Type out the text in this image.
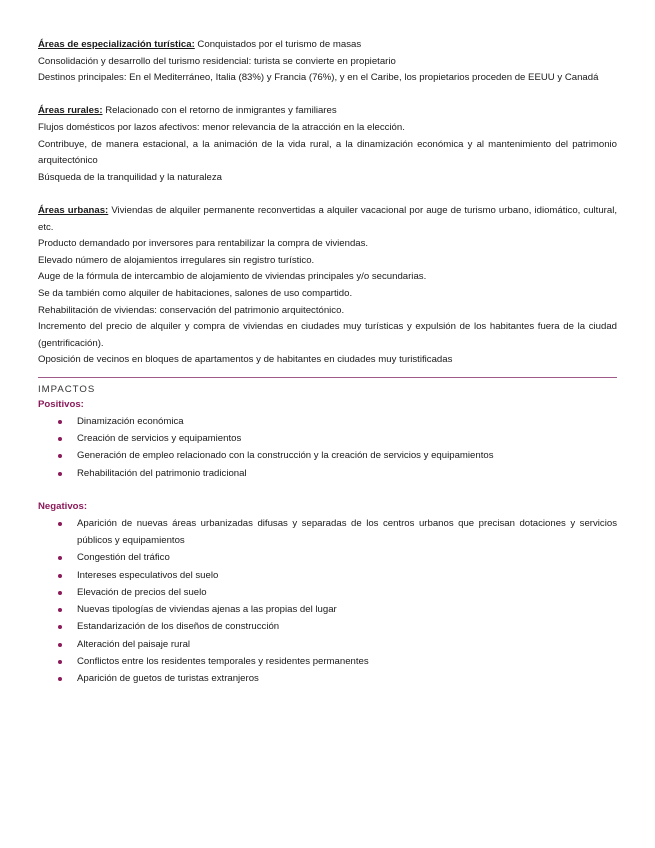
Áreas de especialización turística: Conquistados por el turismo de masas

Consolidación y desarrollo del turismo residencial: turista se convierte en propietario

Destinos principales: En el Mediterráneo, Italia (83%) y Francia (76%), y en el Caribe, los propietarios proceden de EEUU y Canadá

Áreas rurales: Relacionado con el retorno de inmigrantes y familiares

Flujos domésticos por lazos afectivos: menor relevancia de la atracción en la elección.

Contribuye, de manera estacional, a la animación de la vida rural, a la dinamización económica y al mantenimiento del patrimonio arquitectónico

Búsqueda de la tranquilidad y la naturaleza

Áreas urbanas: Viviendas de alquiler permanente reconvertidas a alquiler vacacional por auge de turismo urbano, idiomático, cultural, etc.

Producto demandado por inversores para rentabilizar la compra de viviendas.

Elevado número de alojamientos irregulares sin registro turístico.

Auge de la fórmula de intercambio de alojamiento de viviendas principales y/o secundarias.

Se da también como alquiler de habitaciones, salones de uso compartido.

Rehabilitación de viviendas: conservación del patrimonio arquitectónico.

Incremento del precio de alquiler y compra de viviendas en ciudades muy turísticas y expulsión de los habitantes fuera de la ciudad (gentrificación).

Oposición de vecinos en bloques de apartamentos y de habitantes en ciudades muy turistificadas

IMPACTOS

Positivos:

Dinamización económica
Creación de servicios y equipamientos
Generación de empleo relacionado con la construcción y la creación de servicios y equipamientos
Rehabilitación del patrimonio tradicional

Negativos:

Aparición de nuevas áreas urbanizadas difusas y separadas de los centros urbanos que precisan dotaciones y servicios públicos y equipamientos
Congestión del tráfico
Intereses especulativos del suelo
Elevación de precios del suelo
Nuevas tipologías de viviendas ajenas a las propias del lugar
Estandarización de los diseños de construcción
Alteración del paisaje rural
Conflictos entre los residentes temporales y residentes permanentes
Aparición de guetos de turistas extranjeros
